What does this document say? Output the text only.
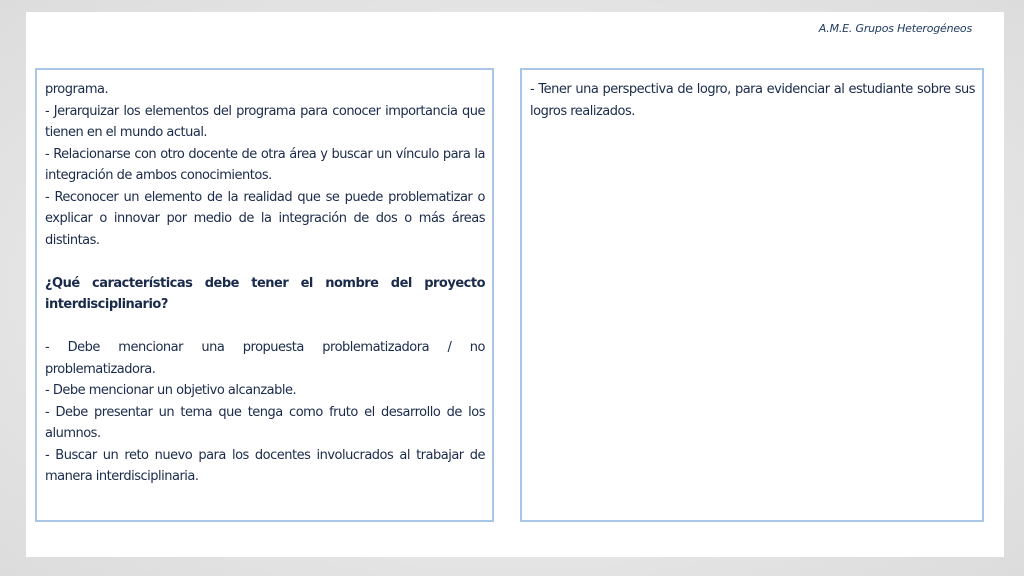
A.M.E. Grupos Heterogéneos
programa.
- Jerarquizar los elementos del programa para conocer importancia que tienen en el mundo actual.
- Relacionarse con otro docente de otra área y buscar un vínculo para la integración de ambos conocimientos.
- Reconocer un elemento de la realidad que se puede problematizar o explicar o innovar por medio de la integración de dos o más áreas distintas.
¿Qué características debe tener el nombre del proyecto interdisciplinario?
- Debe mencionar una propuesta problematizadora / no problematizadora.
- Debe mencionar un objetivo alcanzable.
- Debe presentar un tema que tenga como fruto el desarrollo de los alumnos.
- Buscar un reto nuevo para los docentes involucrados al trabajar de manera interdisciplinaria.
- Tener una perspectiva de logro, para evidenciar al estudiante sobre sus logros realizados.
